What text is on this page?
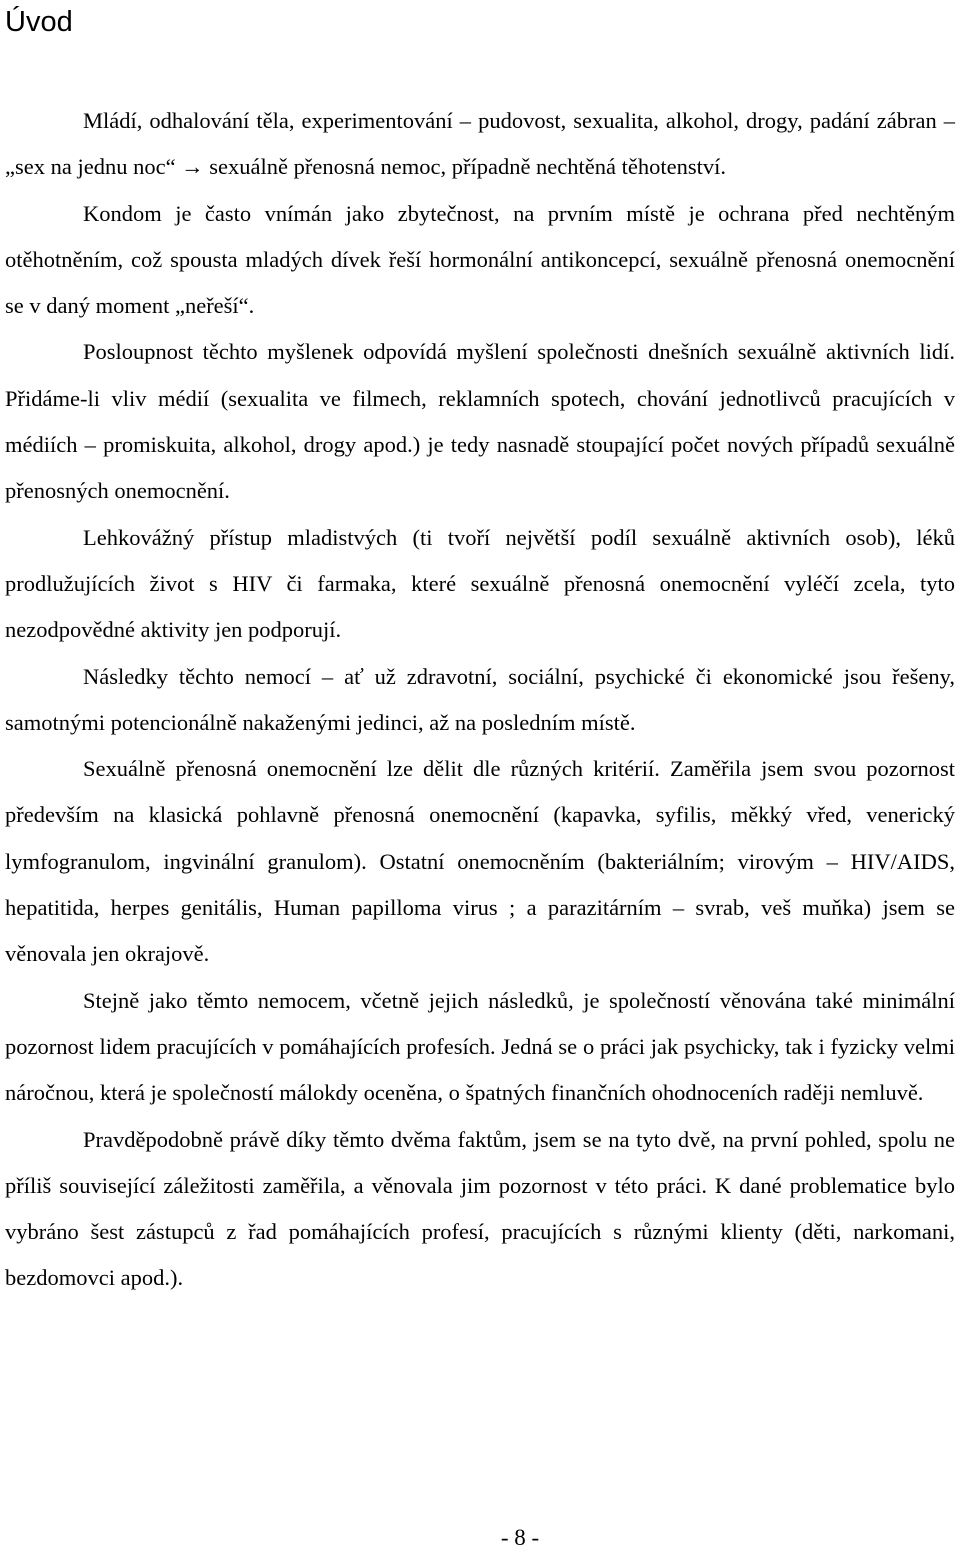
Úvod

Mládí, odhalování těla, experimentování – pudovost, sexualita, alkohol, drogy, padání zábran – „sex na jednu noc“ → sexuálně přenosná nemoc, případně nechtěná těhotenství.

Kondom je často vnímán jako zbytečnost, na prvním místě je ochrana před nechtěným otěhotněním, což spousta mladých dívek řeší hormonální antikoncepcí, sexuálně přenosná onemocnění se v daný moment „neřeší“.

Posloupnost těchto myšlenek odpovídá myšlení společnosti dnešních sexuálně aktivních lidí. Přidáme-li vliv médií (sexualita ve filmech, reklamních spotech, chování jednotlivců pracujících v médiích – promiskuita, alkohol, drogy apod.) je tedy nasnadě stoupající počet nových případů sexuálně přenosných onemocnění.

Lehkovážný přístup mladistvých (ti tvoří největší podíl sexuálně aktivních osob), léků prodlužujících život s HIV či farmaka, které sexuálně přenosná onemocnění vyléčí zcela, tyto nezodpovědné aktivity jen podporují.

Následky těchto nemocí – ať už zdravotní, sociální, psychické či ekonomické jsou řešeny, samotnými potencionálně nakaženými jedinci, až na posledním místě.

Sexuálně přenosná onemocnění lze dělit dle různých kritérií. Zaměřila jsem svou pozornost především na klasická pohlavně přenosná onemocnění (kapavka, syfilis, měkký vřed, venerický lymfogranulom, ingvinální granulom). Ostatní onemocněním (bakteriálním; virovým – HIV/AIDS, hepatitida, herpes genitális, Human papilloma virus ; a parazitárním – svrab, veš muňka) jsem se věnovala jen okrajově.

Stejně jako těmto nemocem, včetně jejich následků, je společností věnována také minimální pozornost lidem pracujících v pomáhajících profesích. Jedná se o práci jak psychicky, tak i fyzicky velmi náročnou, která je společností málokdy oceněna, o špatných finančních ohodnoceních raději nemluvě.

Pravděpodobně právě díky těmto dvěma faktům, jsem se na tyto dvě, na první pohled, spolu ne příliš související záležitosti zaměřila, a věnovala jim pozornost v této práci. K dané problematice bylo vybráno šest zástupců z řad pomáhajících profesí, pracujících s různými klienty (děti, narkomani, bezdomovci apod.).

- 8 -
